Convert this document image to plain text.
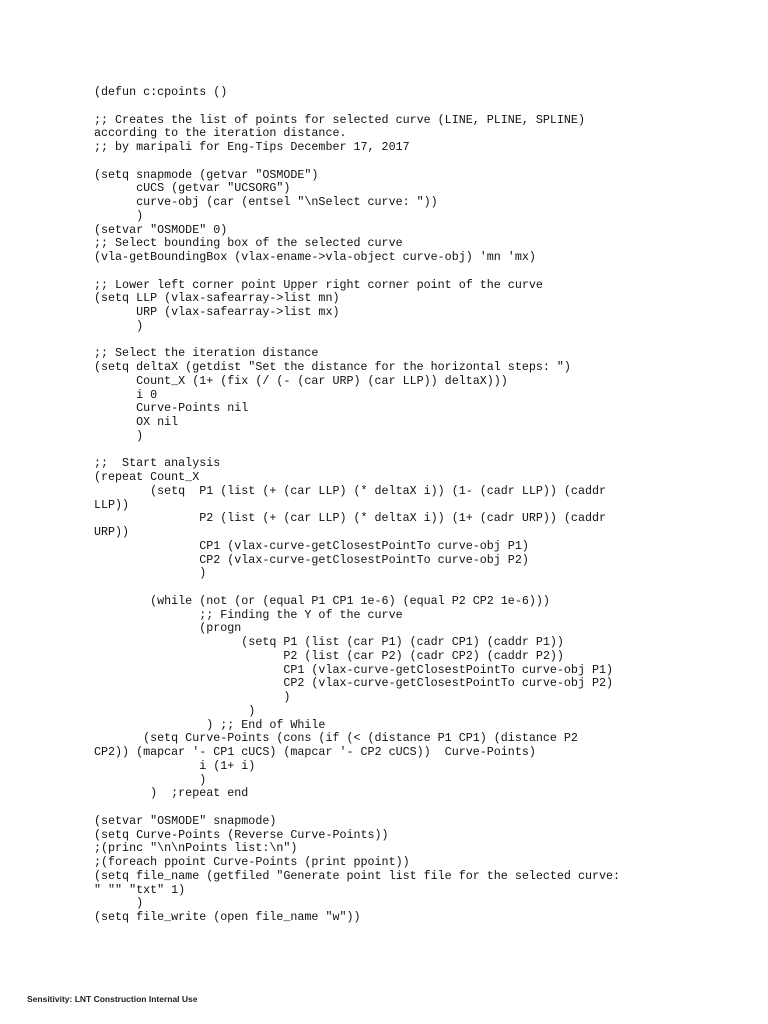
(defun c:cpoints ()
;; Creates the list of points for selected curve (LINE, PLINE, SPLINE)
according to the iteration distance.
;; by maripali for Eng-Tips December 17, 2017
(setq snapmode (getvar "OSMODE")
cUCS (getvar "UCSORG")
curve-obj (car (entsel "\nSelect curve: "))
)
(setvar "OSMODE" 0)
;; Select bounding box of the selected curve
(vla-getBoundingBox (vlax-ename->vla-object curve-obj) 'mn 'mx)
;; Lower left corner point Upper right corner point of the curve
(setq LLP (vlax-safearray->list mn)
URP (vlax-safearray->list mx)
)
;; Select the iteration distance
(setq deltaX (getdist "Set the distance for the horizontal steps: ")
Count_X (1+ (fix (/ (- (car URP) (car LLP)) deltaX)))
i 0
Curve-Points nil
OX nil
)
;;  Start analysis
(repeat Count_X
(setq  P1 (list (+ (car LLP) (* deltaX i)) (1- (cadr LLP)) (caddr
LLP))
P2 (list (+ (car LLP) (* deltaX i)) (1+ (cadr URP)) (caddr
URP))
CP1 (vlax-curve-getClosestPointTo curve-obj P1)
CP2 (vlax-curve-getClosestPointTo curve-obj P2)
)
(while (not (or (equal P1 CP1 1e-6) (equal P2 CP2 1e-6)))
;; Finding the Y of the curve
(progn
(setq P1 (list (car P1) (cadr CP1) (caddr P1))
P2 (list (car P2) (cadr CP2) (caddr P2))
CP1 (vlax-curve-getClosestPointTo curve-obj P1)
CP2 (vlax-curve-getClosestPointTo curve-obj P2)
)
)
) ;; End of While
(setq Curve-Points (cons (if (< (distance P1 CP1) (distance P2
CP2)) (mapcar '- CP1 cUCS) (mapcar '- CP2 cUCS))  Curve-Points)
i (1+ i)
)
)  ;repeat end
(setvar "OSMODE" snapmode)
(setq Curve-Points (Reverse Curve-Points))
;(princ "\n\nPoints list:\n")
;(foreach ppoint Curve-Points (print ppoint))
(setq file_name (getfiled "Generate point list file for the selected curve:
" "" "txt" 1)
)
(setq file_write (open file_name "w"))
Sensitivity: LNT Construction Internal Use
